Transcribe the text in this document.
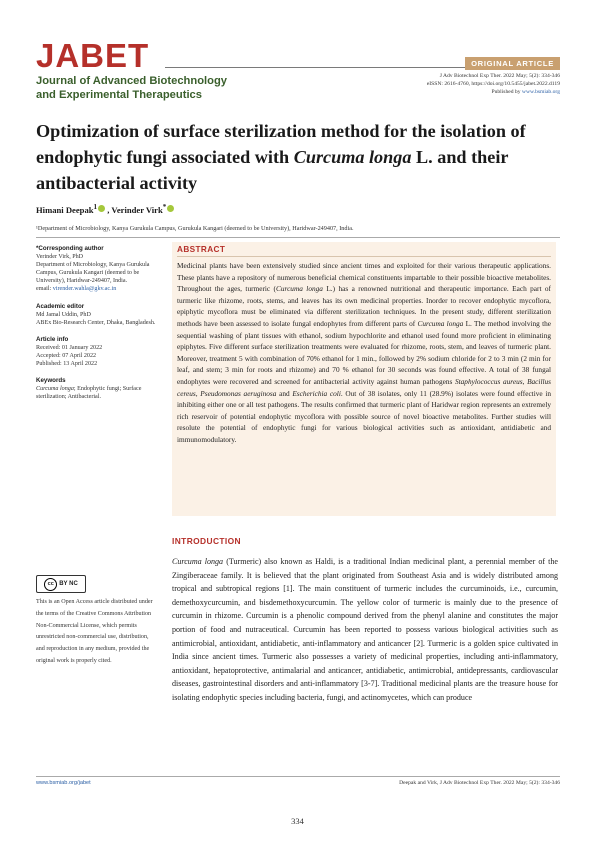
JABET
Journal of Advanced Biotechnology
and Experimental Therapeutics
ORIGINAL ARTICLE
J Adv Biotechnol Exp Ther. 2022 May; 5(2): 334-346
eISSN: 2616-4760, https://doi.org/10.5455/jabet.2022.d119
Published by www.bsmiab.org
Optimization of surface sterilization method for the isolation of endophytic fungi associated with Curcuma longa L. and their antibacterial activity
Himani Deepak$^1$ , Verinder Virk*
¹Department of Microbiology, Kanya Gurukula Campus, Gurukula Kangari (deemed to be University), Haridwar-249407, India.
*Corresponding author
Verinder Virk, PhD
Department of Microbiology, Kanya Gurukula Campus, Gurukula Kangari (deemed to be University), Haridwar-249407, India.
email: virender.wahla@gkv.ac.in
Academic editor
Md Jamal Uddin, PhD
ABEx Bio-Research Center, Dhaka, Bangladesh.
Article info
Received: 01 January 2022
Accepted: 07 April 2022
Published: 13 April 2022
Keywords
Curcuma longa; Endophytic fungi; Surface sterilization; Antibacterial.
cc BY NC
This is an Open Access article distributed under the terms of the Creative Commons Attribution Non-Commercial License, which permits unrestricted non-commercial use, distribution, and reproduction in any medium, provided the original work is properly cited.
ABSTRACT
Medicinal plants have been extensively studied since ancient times and exploited for their various therapeutic applications. These plants have a repository of numerous beneficial chemical constituents impartable to their possible bioactive metabolites. Throughout the ages, turmeric (Curcuma longa L.) has a renowned nutritional and therapeutic importance. Each part of turmeric like rhizome, roots, stems, and leaves has its own medicinal properties. Inorder to recover endophytic mycoflora, epiphytic mycoflora must be eliminated via different sterilization techniques. In the present study, different sterilization methods have been assessed to isolate fungal endophytes from different parts of Curcuma longa L. The method involving the sequential washing of plant tissues with ethanol, sodium hypochlorite and ethanol used found more proficient in eliminating epiphytes. Five different surface sterilization treatments were evaluated for rhizome, roots, stem, and leaves of turmeric plant. Moreover, treatment 5 with combination of 70% ethanol for 1 min., followed by 2% sodium chloride for 2 to 3 min (2 min for leaf, and stem; 3 min for roots and rhizome) and 70 % ethanol for 30 seconds was found effective. A total of 38 fungal endophytes were recovered and screened for antibacterial activity against human pathogens Staphylococcus aureus, Bacillus cereus, Pseudomonas aeruginosa and Escherichia coli. Out of 38 isolates, only 11 (28.9%) isolates were found effective in inhibiting either one or all test pathogens. The results confirmed that turmeric plant of Haridwar region represents an extremely rich reservoir of potential endophytic mycoflora with possible source of novel bioactive metabolites. Further studies will resolute the potential of endophytic fungi for various biological activities such as antioxidant, antidiabetic and immunomodulatory.
INTRODUCTION
Curcuma longa (Turmeric) also known as Haldi, is a traditional Indian medicinal plant, a perennial member of the Zingiberaceae family. It is believed that the plant originated from Southeast Asia and is widely distributed among tropical and subtropical regions [1]. The main constituent of turmeric includes the curcuminoids, i.e., curcumin, demethoxycurcumin, and bisdemethoxycurcumin. The yellow color of turmeric is mainly due to the presence of curcumin in rhizome. Curcumin is a phenolic compound derived from the phenyl alanine and constitutes the major portion of food and nutraceutical. Curcumin has been reported to possess various biological activities such as antimicrobial, antioxidant, antidiabetic, anti-inflammatory and anticancer [2]. Turmeric is a golden spice cultivated in India since ancient times. Turmeric also possesses a variety of medicinal properties, including anti-inflammatory, antioxidant, hepatoprotective, antimalarial and anticancer, antidiabetic, antimicrobial, antidepressants, cardiovascular diseases, gastrointestinal disorders and anti-inflammatory [3-7]. Traditional medicinal plants are the treasure house for isolating endophytic species including bacteria, fungi, and actinomycetes, which can produce
www.bsmiab.org/jabet	Deepak and Virk, J Adv Biotechnol Exp Ther. 2022 May; 5(2): 334-346
334
